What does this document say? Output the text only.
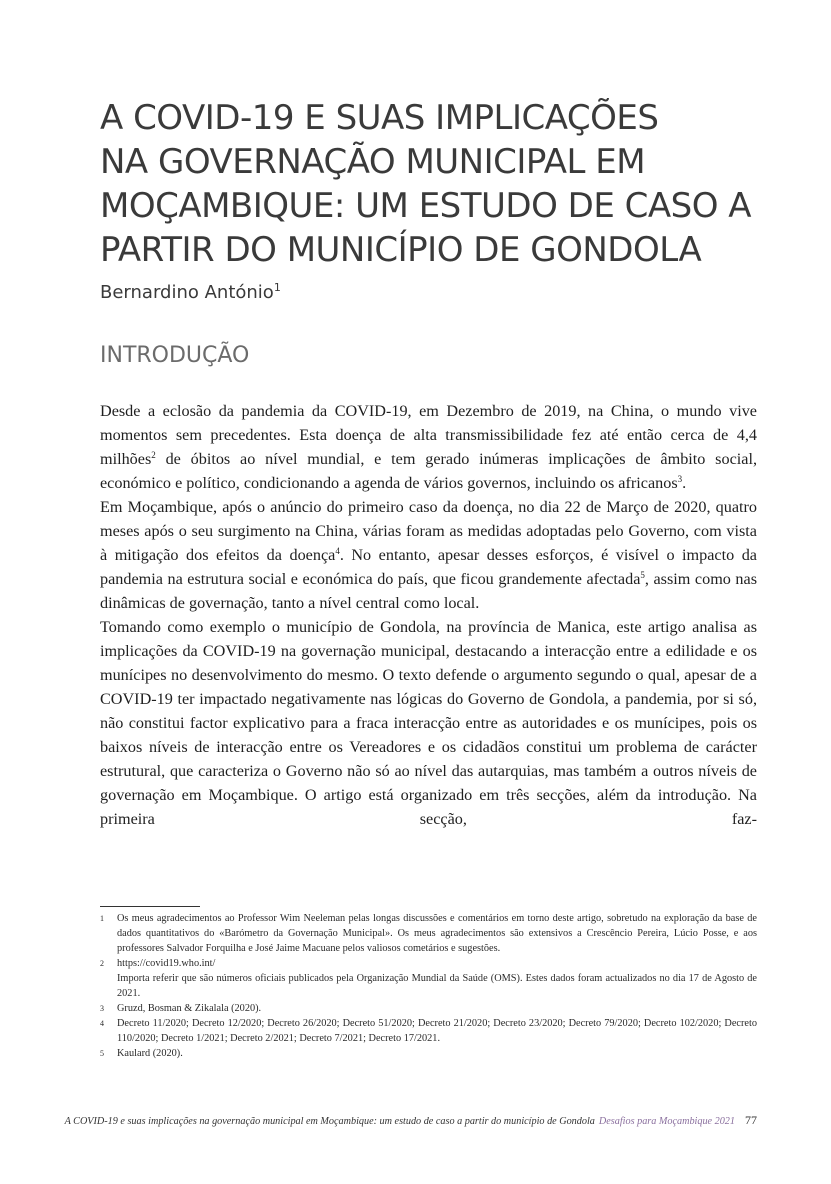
A COVID-19 E SUAS IMPLICAÇÕES
NA GOVERNAÇÃO MUNICIPAL EM
MOÇAMBIQUE: UM ESTUDO DE CASO A
PARTIR DO MUNICÍPIO DE GONDOLA
Bernardino António$^1$
INTRODUÇÃO

Desde a eclosão da pandemia da COVID-19, em Dezembro de 2019, na China, o mundo vive momentos sem precedentes. Esta doença de alta transmissibilidade fez até então cerca de 4,4 milhões$^2$ de óbitos ao nível mundial, e tem gerado inúmeras implicações de âmbito social, económico e político, condicionando a agenda de vários governos, incluindo os africanos$^3$.

Em Moçambique, após o anúncio do primeiro caso da doença, no dia 22 de Março de 2020, quatro meses após o seu surgimento na China, várias foram as medidas adoptadas pelo Governo, com vista à mitigação dos efeitos da doença$^4$. No entanto, apesar desses esforços, é visível o impacto da pandemia na estrutura social e económica do país, que ficou grandemente afectada$^5$, assim como nas dinâmicas de governação, tanto a nível central como local.

Tomando como exemplo o município de Gondola, na província de Manica, este artigo analisa as implicações da COVID-19 na governação municipal, destacando a interacção entre a edilidade e os munícipes no desenvolvimento do mesmo. O texto defende o argumento segundo o qual, apesar de a COVID-19 ter impactado negativamente nas lógicas do Governo de Gondola, a pandemia, por si só, não constitui factor explicativo para a fraca interacção entre as autoridades e os munícipes, pois os baixos níveis de interacção entre os Vereadores e os cidadãos constitui um problema de carácter estrutural, que caracteriza o Governo não só ao nível das autarquias, mas também a outros níveis de governação em Moçambique. O artigo está organizado em três secções, além da introdução. Na primeira secção, faz-

1	Os meus agradecimentos ao Professor Wim Neeleman pelas longas discussões e comentários em torno deste artigo, sobretudo na exploração da base de dados quantitativos do «Barómetro da Governação Municipal». Os meus agradecimentos são extensivos a Crescêncio Pereira, Lúcio Posse, e aos professores Salvador Forquilha e José Jaime Macuane pelos valiosos cometários e sugestões.
2	https://covid19.who.int/
Importa referir que são números oficiais publicados pela Organização Mundial da Saúde (OMS). Estes dados foram actualizados no dia 17 de Agosto de 2021.
3	Gruzd, Bosman & Zikalala (2020).
4	Decreto 11/2020; Decreto 12/2020; Decreto 26/2020; Decreto 51/2020; Decreto 21/2020; Decreto 23/2020; Decreto 79/2020; Decreto 102/2020; Decreto 110/2020; Decreto 1/2021; Decreto 2/2021; Decreto 7/2021; Decreto 17/2021.
5	Kaulard (2020).
A COVID-19 e suas implicações na governação municipal em Moçambique: um estudo de caso a partir do município de Gondola Desafios para Moçambique 2021 77
